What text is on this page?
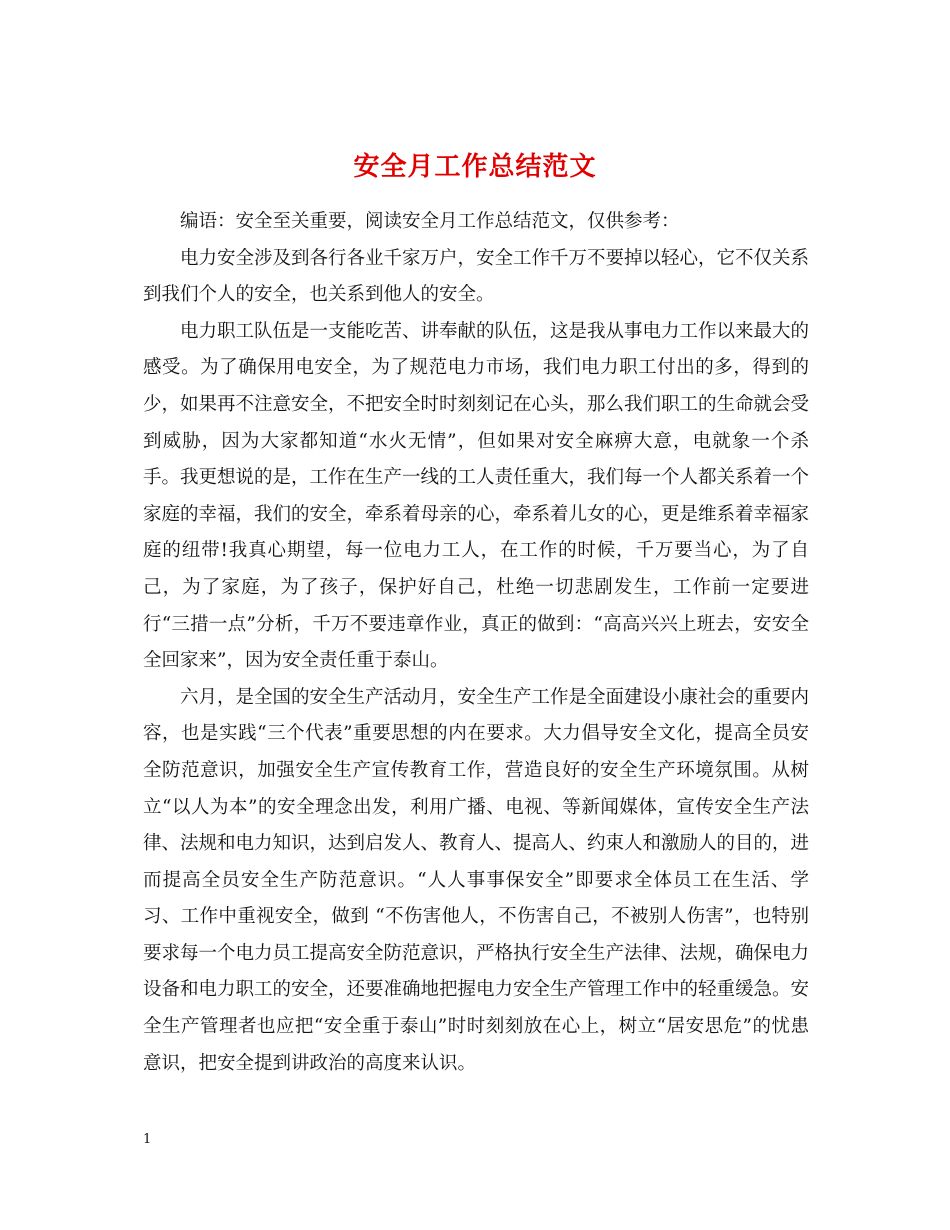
安全月工作总结范文

编语：安全至关重要，阅读安全月工作总结范文，仅供参考：

电力安全涉及到各行各业千家万户，安全工作千万不要掉以轻心，它不仅关系到我们个人的安全，也关系到他人的安全。

电力职工队伍是一支能吃苦、讲奉献的队伍，这是我从事电力工作以来最大的感受。为了确保用电安全，为了规范电力市场，我们电力职工付出的多，得到的少，如果再不注意安全，不把安全时时刻刻记在心头，那么我们职工的生命就会受到威胁，因为大家都知道“水火无情”，但如果对安全麻痹大意，电就象一个杀手。我更想说的是，工作在生产一线的工人责任重大，我们每一个人都关系着一个家庭的幸福，我们的安全，牵系着母亲的心，牵系着儿女的心，更是维系着幸福家庭的纽带!我真心期望，每一位电力工人，在工作的时候，千万要当心，为了自己，为了家庭，为了孩子，保护好自己，杜绝一切悲剧发生，工作前一定要进行“三措一点”分析，千万不要违章作业，真正的做到：“高高兴兴上班去，安安全全回家来”，因为安全责任重于泰山。

六月，是全国的安全生产活动月，安全生产工作是全面建设小康社会的重要内容，也是实践“三个代表”重要思想的内在要求。大力倡导安全文化，提高全员安全防范意识，加强安全生产宣传教育工作，营造良好的安全生产环境氛围。从树立“以人为本”的安全理念出发，利用广播、电视、等新闻媒体，宣传安全生产法律、法规和电力知识，达到启发人、教育人、提高人、约束人和激励人的目的，进而提高全员安全生产防范意识。“人人事事保安全”即要求全体员工在生活、学习、工作中重视安全，做到 “不伤害他人，不伤害自己，不被别人伤害”，也特别要求每一个电力员工提高安全防范意识，严格执行安全生产法律、法规，确保电力设备和电力职工的安全，还要准确地把握电力安全生产管理工作中的轻重缓急。安全生产管理者也应把“安全重于泰山”时时刻刻放在心上，树立“居安思危”的忧患意识，把安全提到讲政治的高度来认识。

1
